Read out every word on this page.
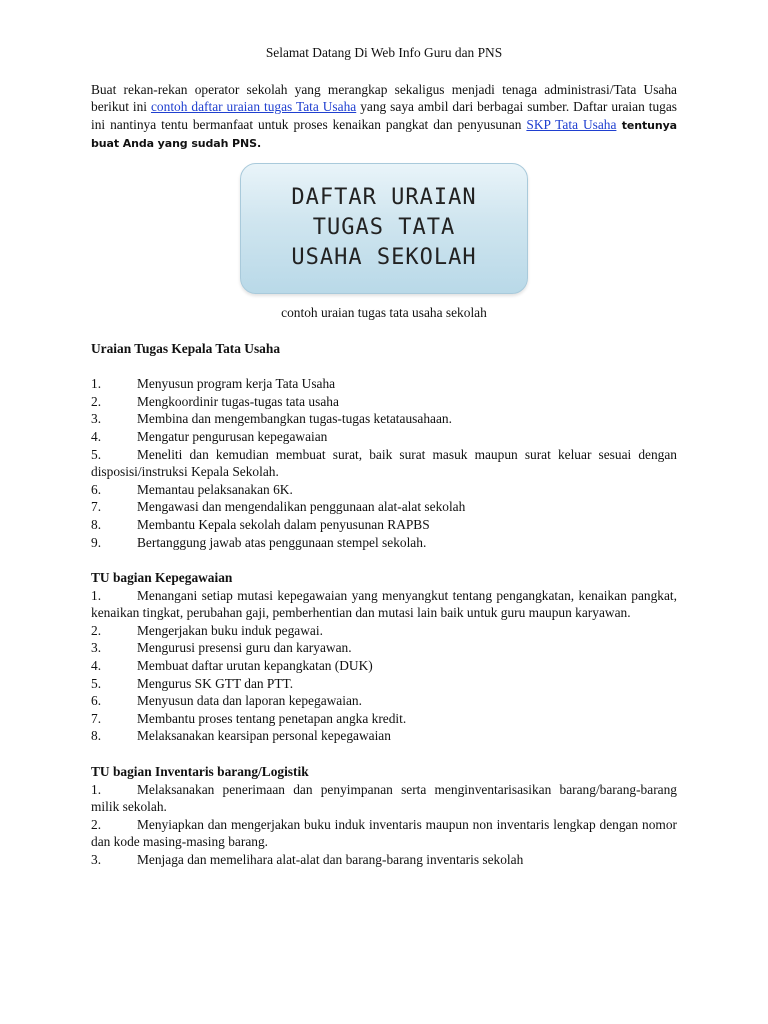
Selamat Datang Di Web Info Guru dan PNS

Buat rekan-rekan operator sekolah yang merangkap sekaligus menjadi tenaga administrasi/Tata Usaha berikut ini contoh daftar uraian tugas Tata Usaha yang saya ambil dari berbagai sumber. Daftar uraian tugas ini nantinya tentu bermanfaat untuk proses kenaikan pangkat dan penyusunan SKP Tata Usaha tentunya buat Anda yang sudah PNS.

DAFTAR URAIAN
TUGAS TATA
USAHA SEKOLAH

contoh uraian tugas tata usaha sekolah

Uraian Tugas Kepala Tata Usaha

1.	Menyusun program kerja Tata Usaha
2.	Mengkoordinir tugas-tugas tata usaha
3.	Membina dan mengembangkan tugas-tugas ketatausahaan.
4.	Mengatur pengurusan kepegawaian
5.	Meneliti dan kemudian membuat surat, baik surat masuk maupun surat keluar sesuai dengan disposisi/instruksi Kepala Sekolah.
6.	Memantau pelaksanakan 6K.
7.	Mengawasi dan mengendalikan penggunaan alat-alat sekolah
8.	Membantu Kepala sekolah dalam penyusunan RAPBS
9.	Bertanggung jawab atas penggunaan stempel sekolah.

TU bagian Kepegawaian

1.	Menangani setiap mutasi kepegawaian yang menyangkut tentang pengangkatan, kenaikan pangkat, kenaikan tingkat, perubahan gaji, pemberhentian dan mutasi lain baik untuk guru maupun karyawan.
2.	Mengerjakan buku induk pegawai.
3.	Mengurusi presensi guru dan karyawan.
4.	Membuat daftar urutan kepangkatan (DUK)
5.	Mengurus SK GTT dan PTT.
6.	Menyusun data dan laporan kepegawaian.
7.	Membantu proses tentang penetapan angka kredit.
8.	Melaksanakan kearsipan personal kepegawaian

TU bagian Inventaris barang/Logistik

1.	Melaksanakan penerimaan dan penyimpanan serta menginventarisasikan barang/barang-barang milik sekolah.
2.	Menyiapkan dan mengerjakan buku induk inventaris maupun non inventaris lengkap dengan nomor dan kode masing-masing barang.
3.	Menjaga dan memelihara alat-alat dan barang-barang inventaris sekolah
